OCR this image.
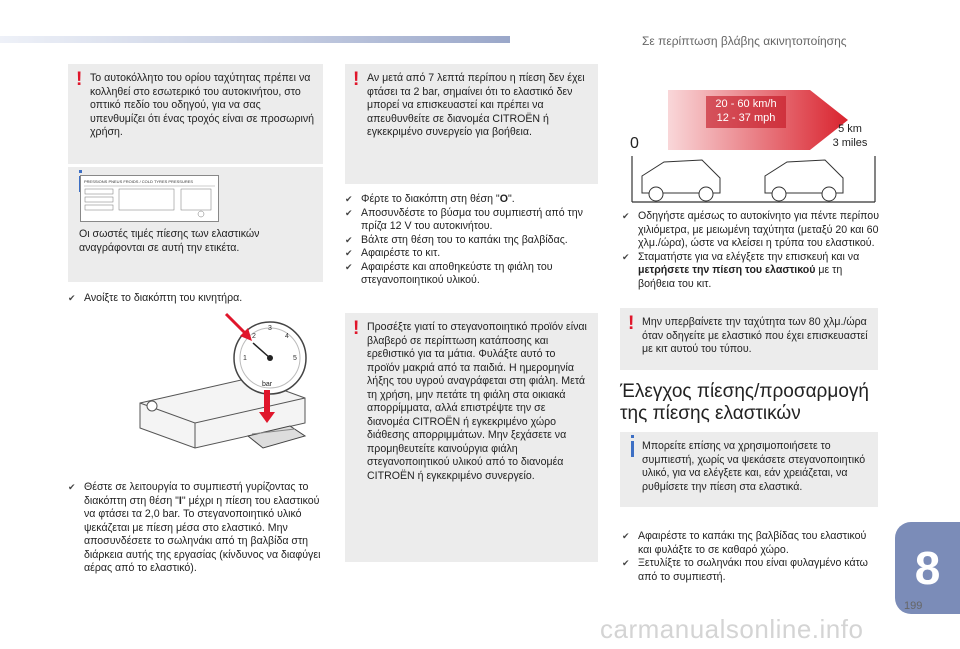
Σε περίπτωση βλάβης ακινητοποίησης
! Το αυτοκόλλητο του ορίου ταχύτητας πρέπει να κολληθεί στο εσωτερικό του αυτοκινήτου, στο οπτικό πεδίο του οδηγού, για να σας υπενθυμίζει ότι ένας τροχός είναι σε προσωρινή χρήση.
PRESSIONS PNEUS FROIDS / COLD TYRES PRESSURES
Οι σωστές τιμές πίεσης των ελαστικών αναγράφονται σε αυτή την ετικέτα.
✔ Ανοίξτε το διακόπτη του κινητήρα.
1
2
3
4
5
bar
✔ Θέστε σε λειτουργία το συμπιεστή γυρίζοντας το διακόπτη στη θέση "I" μέχρι η πίεση του ελαστικού να φτάσει τα 2,0 bar. Το στεγανοποιητικό υλικό ψεκάζεται με πίεση μέσα στο ελαστικό. Μην αποσυνδέσετε το σωληνάκι από τη βαλβίδα στη διάρκεια αυτής της εργασίας (κίνδυνος να διαφύγει αέρας από το ελαστικό).
! Αν μετά από 7 λεπτά περίπου η πίεση δεν έχει φτάσει τα 2 bar, σημαίνει ότι το ελαστικό δεν μπορεί να επισκευαστεί και πρέπει να απευθυνθείτε σε διανομέα CITROËN ή εγκεκριμένο συνεργείο για βοήθεια.
✔ Φέρτε το διακόπτη στη θέση "O".
✔ Αποσυνδέστε το βύσμα του συμπιεστή από την πρίζα 12 V του αυτοκινήτου.
✔ Βάλτε στη θέση του το καπάκι της βαλβίδας.
✔ Αφαιρέστε το κιτ.
✔ Αφαιρέστε και αποθηκεύστε τη φιάλη του στεγανοποιητικού υλικού.
! Προσέξτε γιατί το στεγανοποιητικό προϊόν είναι βλαβερό σε περίπτωση κατάποσης και ερεθιστικό για τα μάτια. Φυλάξτε αυτό το προϊόν μακριά από τα παιδιά. Η ημερομηνία λήξης του υγρού αναγράφεται στη φιάλη. Μετά τη χρήση, μην πετάτε τη φιάλη στα οικιακά απορρίμματα, αλλά επιστρέψτε την σε διανομέα CITROËN ή εγκεκριμένο χώρο διάθεσης απορριμμάτων. Μην ξεχάσετε να προμηθευτείτε καινούργια φιάλη στεγανοποιητικού υλικού από το διανομέα CITROËN ή εγκεκριμένο συνεργείο.
20 - 60 km/h
12 - 37 mph
0
5 km
3 miles
✔ Οδηγήστε αμέσως το αυτοκίνητο για πέντε περίπου χιλιόμετρα, με μειωμένη ταχύτητα (μεταξύ 20 και 60 χλμ./ώρα), ώστε να κλείσει η τρύπα του ελαστικού.
✔ Σταματήστε για να ελέγξετε την επισκευή και να μετρήσετε την πίεση του ελαστικού με τη βοήθεια του κιτ.
! Μην υπερβαίνετε την ταχύτητα των 80 χλμ./ώρα όταν οδηγείτε με ελαστικό που έχει επισκευαστεί με κιτ αυτού του τύπου.
Έλεγχος πίεσης/προσαρμογή της πίεσης ελαστικών
Μπορείτε επίσης να χρησιμοποιήσετε το συμπιεστή, χωρίς να ψεκάσετε στεγανοποιητικό υλικό, για να ελέγξετε και, εάν χρειάζεται, να ρυθμίσετε την πίεση στα ελαστικά.
✔ Αφαιρέστε το καπάκι της βαλβίδας του ελαστικού και φυλάξτε το σε καθαρό χώρο.
✔ Ξετυλίξτε το σωληνάκι που είναι φυλαγμένο κάτω από το συμπιεστή.	8
199
carmanualsonline.info
